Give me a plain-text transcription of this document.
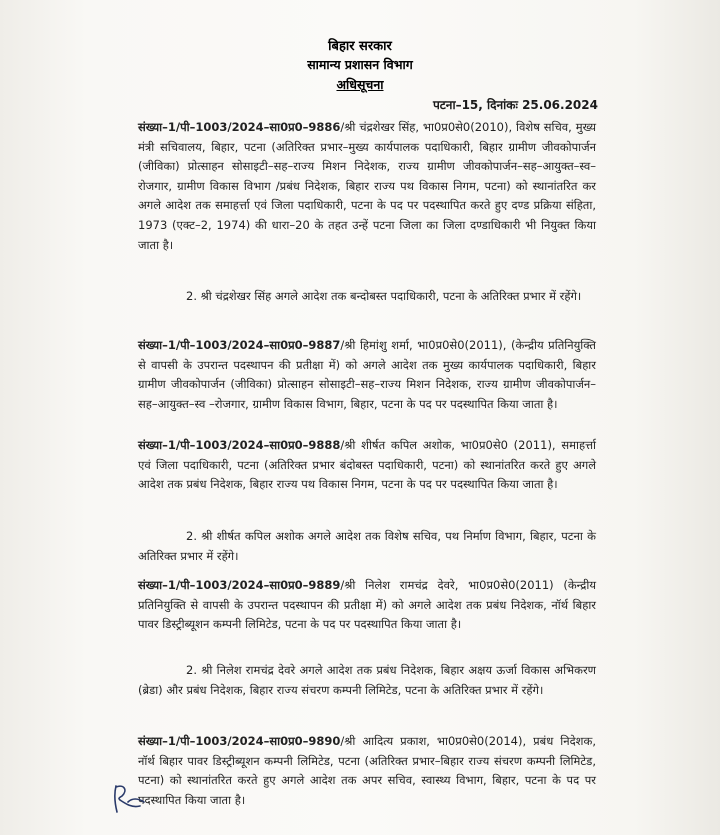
बिहार सरकार
सामान्य प्रशासन विभाग
अधिसूचना
पटना–15, दिनांकः 25.06.2024
संख्या–1/पी–1003/2024–सा0प्र0–9886/श्री चंद्रशेखर सिंह, भा0प्र0से0(2010), विशेष सचिव, मुख्य मंत्री सचिवालय, बिहार, पटना (अतिरिक्त प्रभार–मुख्य कार्यपालक पदाधिकारी, बिहार ग्रामीण जीवकोपार्जन (जीविका) प्रोत्साहन सोसाइटी–सह–राज्य मिशन निदेशक, राज्य ग्रामीण जीवकोपार्जन–सह–आयुक्त–स्व–रोजगार, ग्रामीण विकास विभाग /प्रबंध निदेशक, बिहार राज्य पथ विकास निगम, पटना) को स्थानांतरित कर अगले आदेश तक समाहर्त्ता एवं जिला पदाधिकारी, पटना के पद पर पदस्थापित करते हुए दण्ड प्रक्रिया संहिता, 1973 (एक्ट–2, 1974) की धारा–20 के तहत उन्हें पटना जिला का जिला दण्डाधिकारी भी नियुक्त किया जाता है।
2. श्री चंद्रशेखर सिंह अगले आदेश तक बन्दोबस्त पदाधिकारी, पटना के अतिरिक्त प्रभार में रहेंगे।
संख्या–1/पी–1003/2024–सा0प्र0–9887/श्री हिमांशु शर्मा, भा0प्र0से0(2011), (केन्द्रीय प्रतिनियुक्ति से वापसी के उपरान्त पदस्थापन की प्रतीक्षा में) को अगले आदेश तक मुख्य कार्यपालक पदाधिकारी, बिहार ग्रामीण जीवकोपार्जन (जीविका) प्रोत्साहन सोसाइटी–सह–राज्य मिशन निदेशक, राज्य ग्रामीण जीवकोपार्जन–सह–आयुक्त–स्व –रोजगार, ग्रामीण विकास विभाग, बिहार, पटना के पद पर पदस्थापित किया जाता है।
संख्या–1/पी–1003/2024–सा0प्र0–9888/श्री शीर्षत कपिल अशोक, भा0प्र0से0 (2011), समाहर्त्ता एवं जिला पदाधिकारी, पटना (अतिरिक्त प्रभार बंदोबस्त पदाधिकारी, पटना) को स्थानांतरित करते हुए अगले आदेश तक प्रबंध निदेशक, बिहार राज्य पथ विकास निगम, पटना के पद पर पदस्थापित किया जाता है।
2. श्री शीर्षत कपिल अशोक अगले आदेश तक विशेष सचिव, पथ निर्माण विभाग, बिहार, पटना के अतिरिक्त प्रभार में रहेंगे।
संख्या–1/पी–1003/2024–सा0प्र0–9889/श्री निलेश रामचंद्र देवरे, भा0प्र0से0(2011) (केन्द्रीय प्रतिनियुक्ति से वापसी के उपरान्त पदस्थापन की प्रतीक्षा में) को अगले आदेश तक प्रबंध निदेशक, नॉर्थ बिहार पावर डिस्ट्रीब्यूशन कम्पनी लिमिटेड, पटना के पद पर पदस्थापित किया जाता है।
2. श्री निलेश रामचंद्र देवरे अगले आदेश तक प्रबंध निदेशक, बिहार अक्षय ऊर्जा विकास अभिकरण (ब्रेडा) और प्रबंध निदेशक, बिहार राज्य संचरण कम्पनी लिमिटेड, पटना के अतिरिक्त प्रभार में रहेंगे।
संख्या–1/पी–1003/2024–सा0प्र0–9890/श्री आदित्य प्रकाश, भा0प्र0से0(2014), प्रबंध निदेशक, नॉर्थ बिहार पावर डिस्ट्रीब्यूशन कम्पनी लिमिटेड, पटना (अतिरिक्त प्रभार–बिहार राज्य संचरण कम्पनी लिमिटेड, पटना) को स्थानांतरित करते हुए अगले आदेश तक अपर सचिव, स्वास्थ्य विभाग, बिहार, पटना के पद पर पदस्थापित किया जाता है।
